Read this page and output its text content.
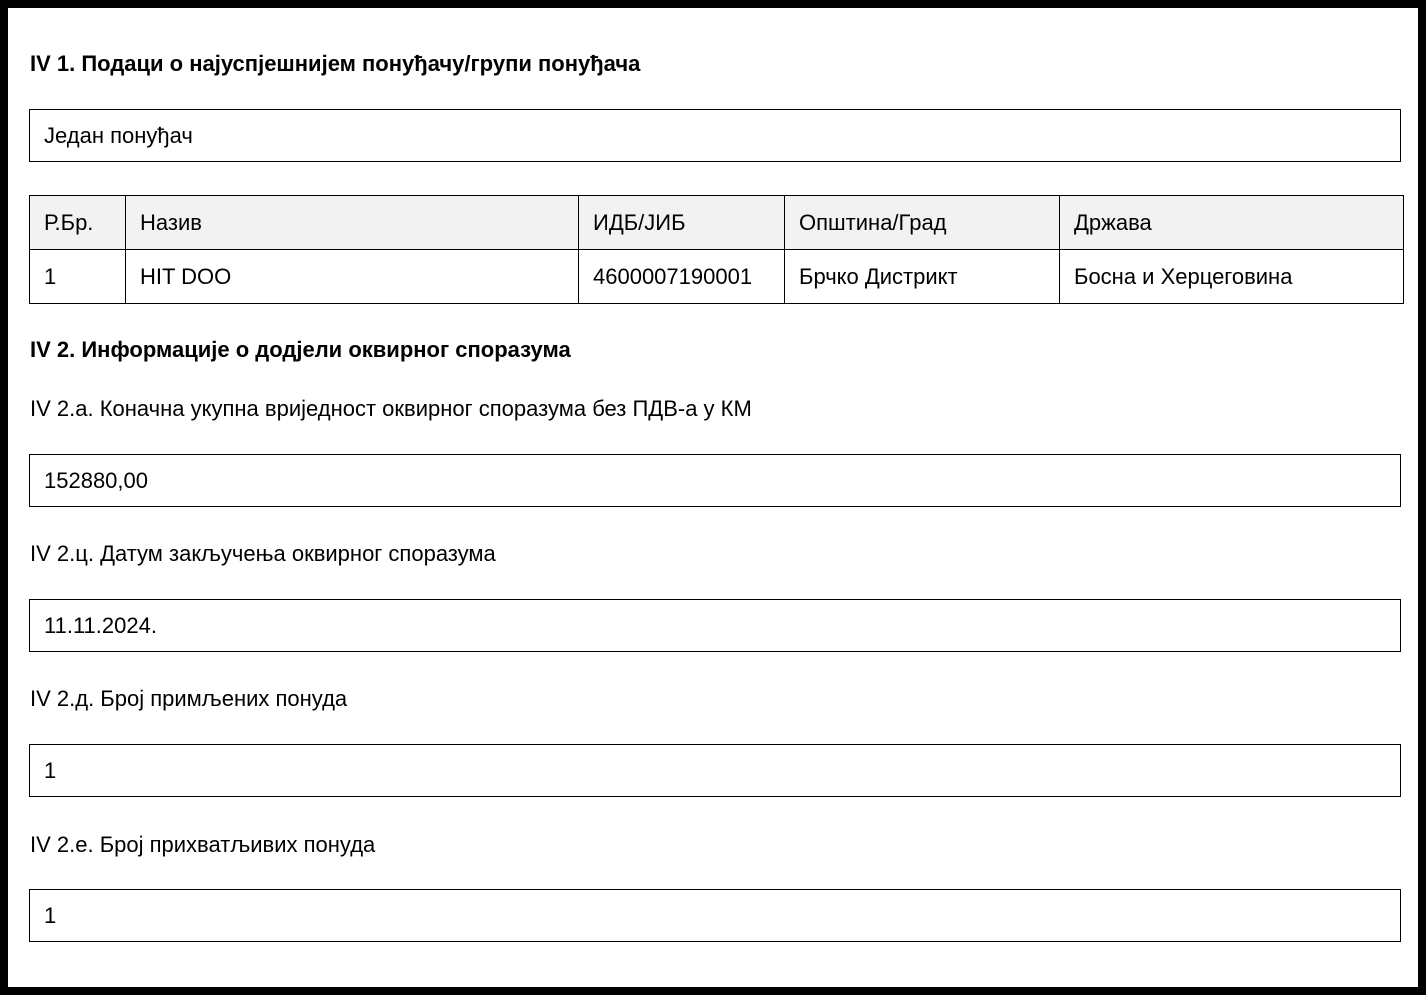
IV 1. Подаци о најуспјешнијем понуђачу/групи понуђача
Један понуђач
Р.Бр.	Назив	ИДБ/ЈИБ	Општина/Град	Држава
1	HIT DOO	4600007190001	Брчко Дистрикт	Босна и Херцеговина
IV 2. Информације о додјели оквирног споразума
IV 2.а. Коначна укупна вриједност оквирног споразума без ПДВ-а у КМ
152880,00
IV 2.ц. Датум закључења оквирног споразума
11.11.2024.
IV 2.д. Број примљених понуда
1
IV 2.е. Број прихватљивих понуда
1
